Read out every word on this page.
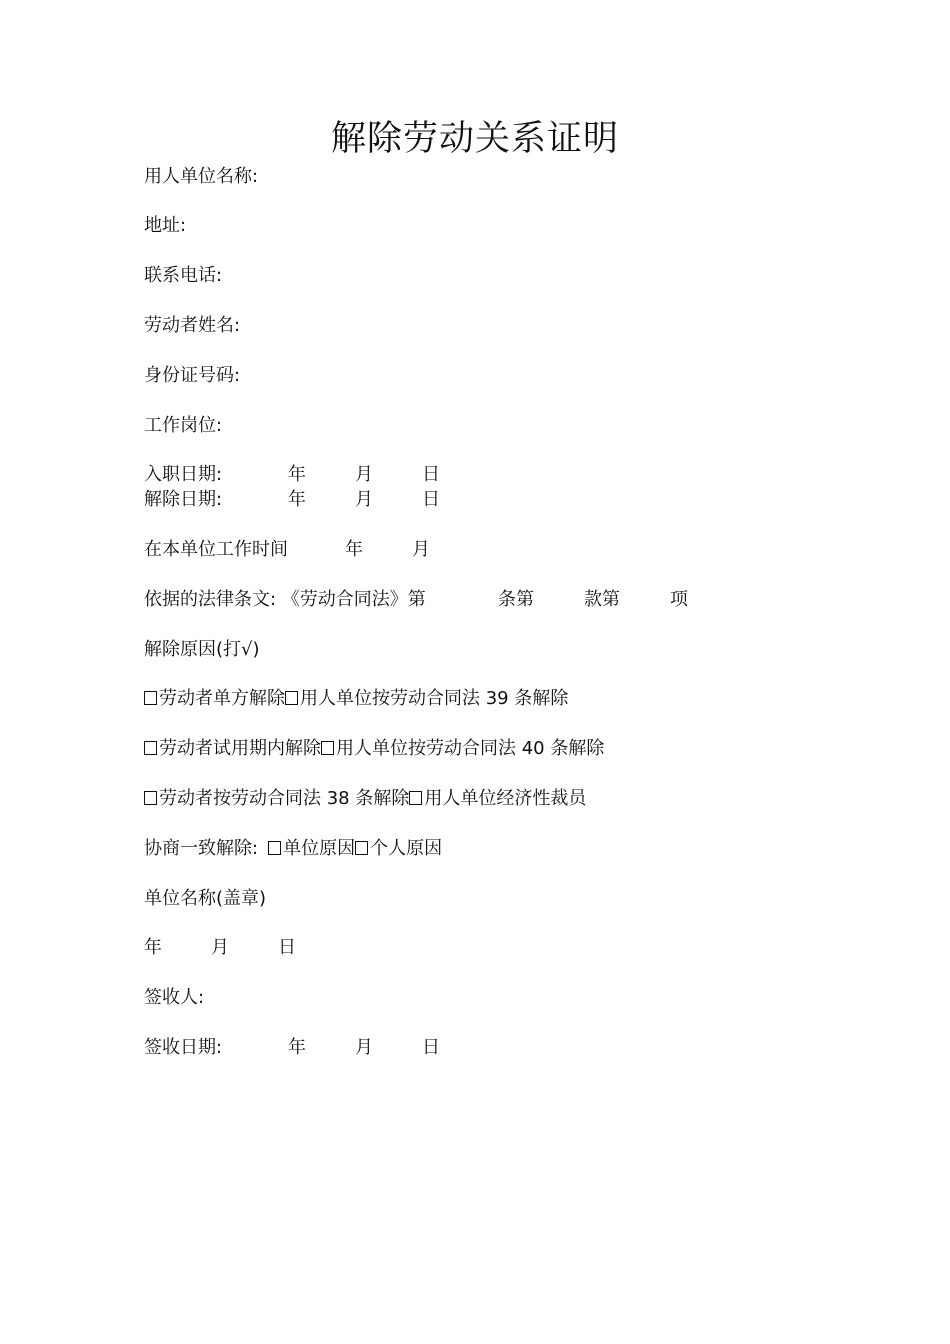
解除劳动关系证明
用人单位名称:
地址:
联系电话:
劳动者姓名:
身份证号码:
工作岗位:
入职日期:	年	月	日
解除日期:	年	月	日
在本单位工作时间	年	月
依据的法律条文: 《劳动合同法》第	条第	款第	项
解除原因(打√)
劳动者单方解除 用人单位按劳动合同法 39 条解除
劳动者试用期内解除 用人单位按劳动合同法 40 条解除
劳动者按劳动合同法 38 条解除 用人单位经济性裁员
协商一致解除: 单位原因 个人原因
单位名称(盖章)
年	月	日
签收人:
签收日期:	年	月	日
